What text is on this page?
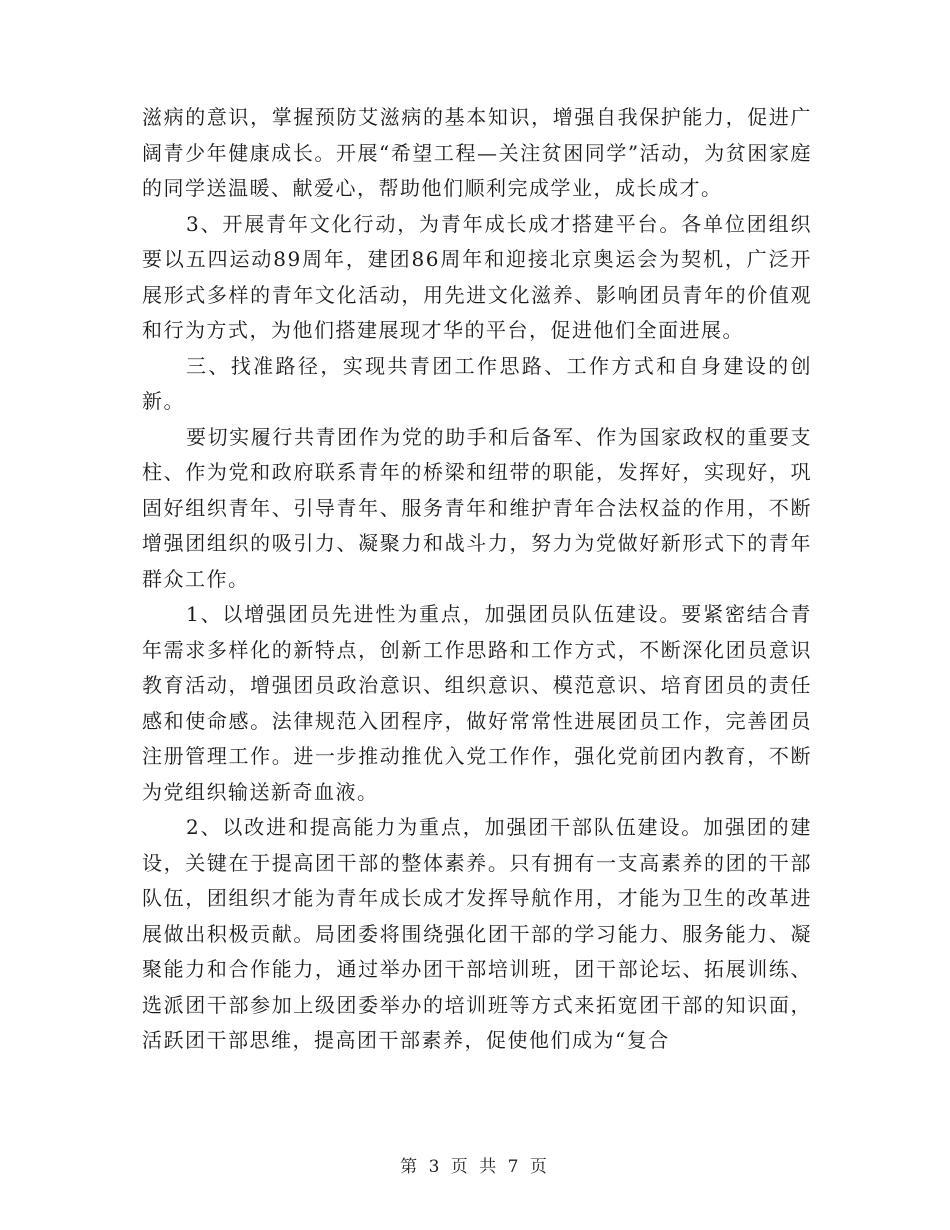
滋病的意识，掌握预防艾滋病的基本知识，增强自我保护能力，促进广阔青少年健康成长。开展“希望工程—关注贫困同学”活动，为贫困家庭的同学送温暖、献爱心，帮助他们顺利完成学业，成长成才。

3、开展青年文化行动，为青年成长成才搭建平台。各单位团组织要以五四运动89周年，建团86周年和迎接北京奥运会为契机，广泛开展形式多样的青年文化活动，用先进文化滋养、影响团员青年的价值观和行为方式，为他们搭建展现才华的平台，促进他们全面进展。

三、找准路径，实现共青团工作思路、工作方式和自身建设的创新。

要切实履行共青团作为党的助手和后备军、作为国家政权的重要支柱、作为党和政府联系青年的桥梁和纽带的职能，发挥好，实现好，巩固好组织青年、引导青年、服务青年和维护青年合法权益的作用，不断增强团组织的吸引力、凝聚力和战斗力，努力为党做好新形式下的青年群众工作。

1、以增强团员先进性为重点，加强团员队伍建设。要紧密结合青年需求多样化的新特点，创新工作思路和工作方式，不断深化团员意识教育活动，增强团员政治意识、组织意识、模范意识、培育团员的责任感和使命感。法律规范入团程序，做好常常性进展团员工作，完善团员注册管理工作。进一步推动推优入党工作作，强化党前团内教育，不断为党组织输送新奇血液。

2、以改进和提高能力为重点，加强团干部队伍建设。加强团的建设，关键在于提高团干部的整体素养。只有拥有一支高素养的团的干部队伍，团组织才能为青年成长成才发挥导航作用，才能为卫生的改革进展做出积极贡献。局团委将围绕强化团干部的学习能力、服务能力、凝聚能力和合作能力，通过举办团干部培训班，团干部论坛、拓展训练、选派团干部参加上级团委举办的培训班等方式来拓宽团干部的知识面，活跃团干部思维，提高团干部素养，促使他们成为“复合

第 3 页 共 7 页
